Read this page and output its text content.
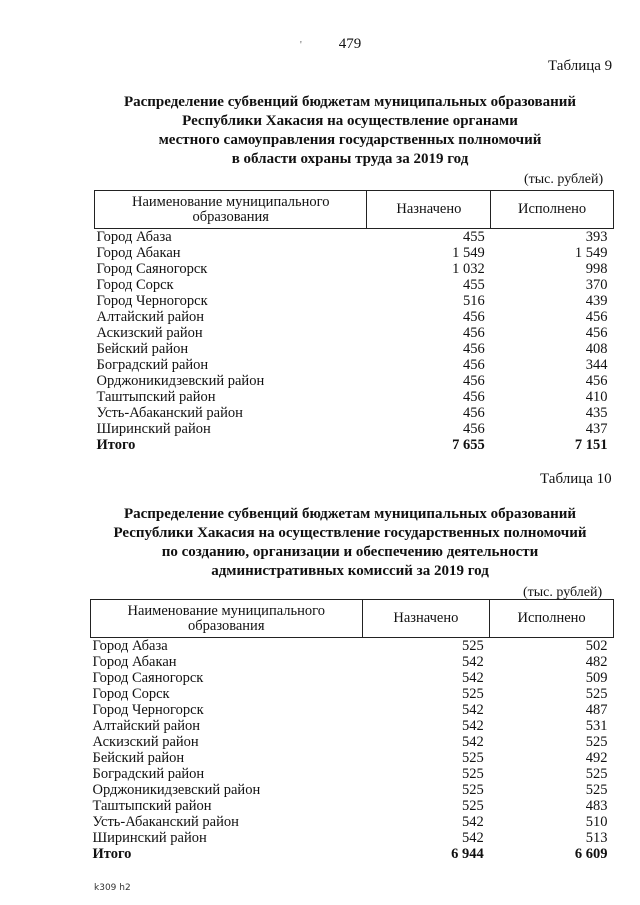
'	479
Таблица 9
Распределение субвенций бюджетам муниципальных образований
Республики Хакасия на осуществление органами
местного самоуправления государственных полномочий
в области охраны труда за 2019 год
(тыс. рублей)
Наименование муниципального образования	Назначено	Исполнено
Город Абаза	455	393
Город Абакан	1 549	1 549
Город Саяногорск	1 032	998
Город Сорск	455	370
Город Черногорск	516	439
Алтайский район	456	456
Аскизский район	456	456
Бейский район	456	408
Боградский район	456	344
Орджоникидзевский район	456	456
Таштыпский район	456	410
Усть-Абаканский район	456	435
Ширинский район	456	437
Итого	7 655	7 151
Таблица 10
Распределение субвенций бюджетам муниципальных образований
Республики Хакасия на осуществление государственных полномочий
по созданию, организации и обеспечению деятельности
административных комиссий за 2019 год
(тыс. рублей)
Наименование муниципального образования	Назначено	Исполнено
Город Абаза	525	502
Город Абакан	542	482
Город Саяногорск	542	509
Город Сорск	525	525
Город Черногорск	542	487
Алтайский район	542	531
Аскизский район	542	525
Бейский район	525	492
Боградский район	525	525
Орджоникидзевский район	525	525
Таштыпский район	525	483
Усть-Абаканский район	542	510
Ширинский район	542	513
Итого	6 944	6 609
k309 h2
